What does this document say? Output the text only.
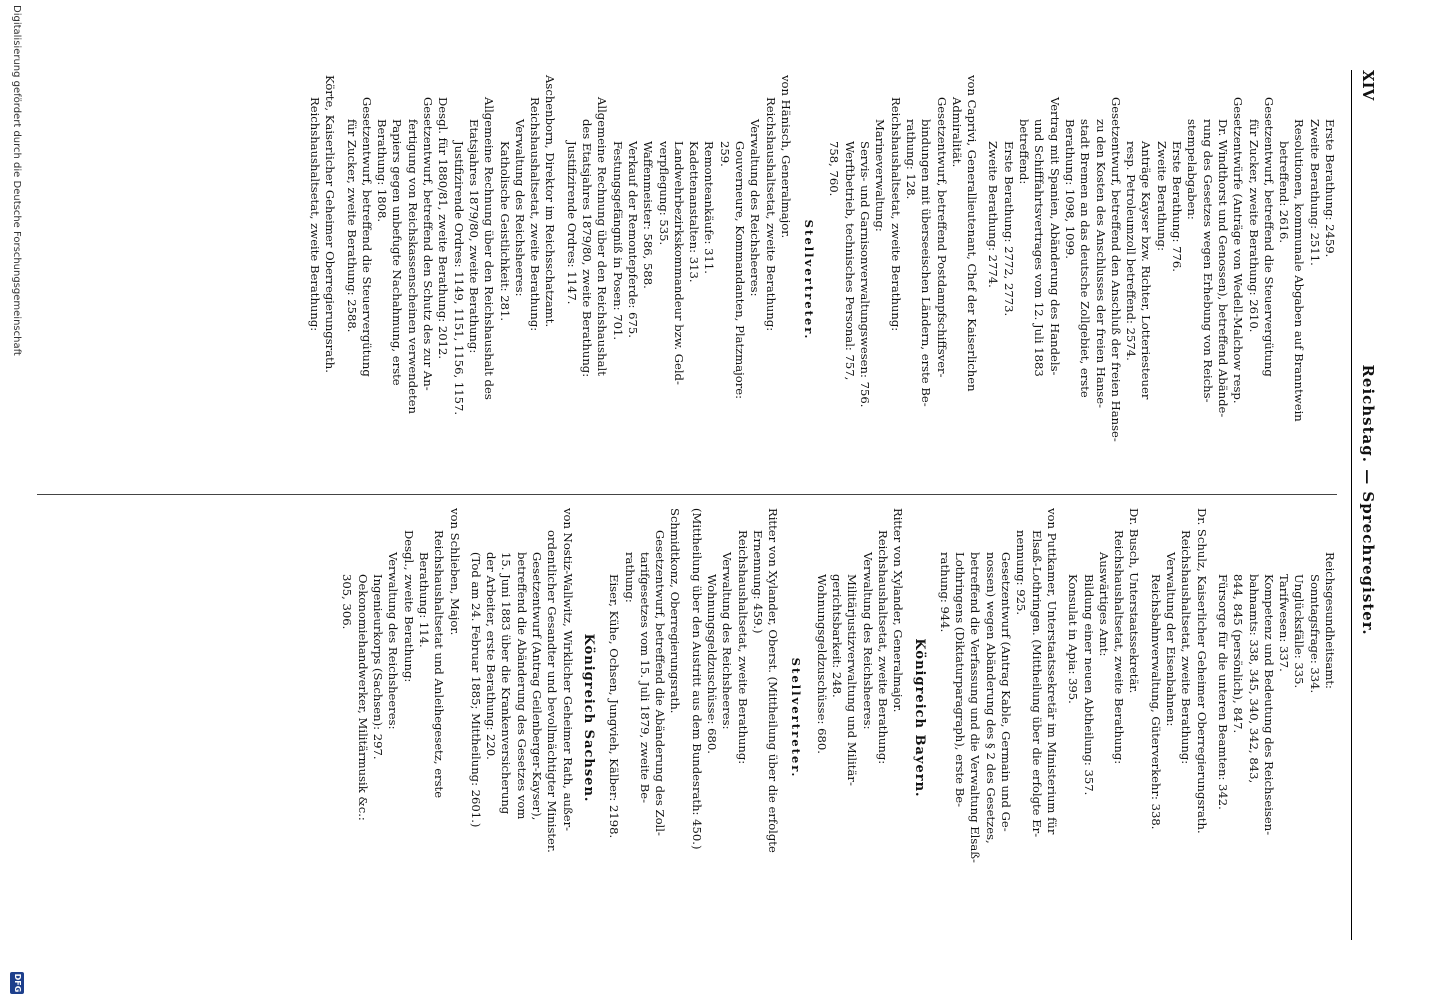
XIV
Reichstag. — Sprechregister.

Erste Berathung: 2459.

Zweite Berathung: 2511.

Resolutionen, kommunale Abgaben auf Branntwein

betreffend: 2616.

Gesetzentwurf, betreffend die Steuervergütung

für Zucker, zweite Berathung: 2610.

Gesetzentwürfe (Anträge von Wedell-Malchow resp.

Dr. Windthorst und Genossen), betreffend Abände-

rung des Gesetzes wegen Erhebung von Reichs-

stempelabgaben:

Erste Berathung: 776.

Zweite Berathung:

Anträge Kayser bzw. Richter, Lotteriesteuer

resp. Petroleumzoll betreffend: 2574.

Gesetzentwurf, betreffend den Anschluß der freien Hanse-

zu den Kosten des Anschlusses der freien Hanse-

stadt Bremen an das deutsche Zollgebiet, erste

Berathung: 1098, 1099.

Vertrag mit Spanien, Abänderung des Handels-

und Schifffahrtsvertrages vom 12. Juli 1883

betreffend:

Erste Berathung: 2772, 2773.

Zweite Berathung: 2774.

von Caprivi, Generallieutenant, Chef der Kaiserlichen

Admiralität.

Gesetzentwurf, betreffend Postdampfschiffsver-

bindungen mit überseeischen Ländern, erste Be-

rathung: 128.

Reichshaushaltsetat, zweite Berathung:

Marineverwaltung:

Servis- und Garnisonverwaltungswesen: 756.

Werftbetrieb, technisches Personal: 757,

758, 760.

Stellvertreter.

von Hänisch, Generalmajor.

Reichshaushaltsetat, zweite Berathung:

Verwaltung des Reichsheeres:

Gouverneure, Kommandanten, Platzmajore:

259.

Remonteankäufe: 311.

Kadettenanstalten: 313.

Landwehrbezirkskommandeur bzw. Geld-

verpflegung: 535.

Waffenmeister: 586, 588.

Verkauf der Remontepferde: 675.

Festungsgefängniß in Posen: 701.

Allgemeine Rechnung über den Reichshaushalt

des Etatsjahres 1879/80, zweite Berathung:

Justifizirende Ordres: 1147.

Aschenborn, Direktor im Reichsschatzamt.

Reichshaushaltsetat, zweite Berathung:

Verwaltung des Reichsheeres:

Katholische Geistlichkeit: 281.

Allgemeine Rechnung über den Reichshaushalt des

Etatsjahres 1879/80, zweite Berathung:

Justifizirende Ordres: 1149, 1151, 1156, 1157.

Desgl. für 1880/81, zweite Berathung: 2012.

Gesetzentwurf, betreffend den Schutz des zur An-

fertigung von Reichskassenscheinen verwendeten

Papiers gegen unbefugte Nachahmung, erste

Berathung: 1808.

Gesetzentwurf, betreffend die Steuervergütung

für Zucker, zweite Berathung: 2588.

Körte, Kaiserlicher Geheimer Oberregierungsrath.

Reichshaushaltsetat, zweite Berathung:

Reichsgesundheitsamt:

Sonntagsfrage: 334.

Unglücksfälle: 335.

Tarifwesen: 337.

Kompetenz und Bedeutung des Reichseisen-

bahnamts: 338, 345, 340, 342, 843,

844, 845 (persönlich), 847.

Fürsorge für die unteren Beamten: 342.

Dr. Schulz, Kaiserlicher Geheimer Oberregierungsrath.

Reichshaushaltsetat, zweite Berathung:

Verwaltung der Eisenbahnen:

Reichsbahnverwaltung, Güterverkehr: 338.

Dr. Busch, Unterstaatssekretär.

Reichshaushaltsetat, zweite Berathung:

Auswärtiges Amt:

Bildung einer neuen Abtheilung: 357.

Konsulat in Apia: 395.

von Puttkamer, Unterstaatssekretär im Ministerium für

Elsaß-Lothringen. (Mittheilung über die erfolgte Er-

nennung: 925.

Gesetzentwurf (Antrag Kable, Germain und Ge-

nossen) wegen Abänderung des § 2 des Gesetzes,

betreffend die Verfassung und die Verwaltung Elsaß-

Lothringens (Diktaturparagraph), erste Be-

rathung: 944.

Königreich Bayern.

Ritter von Xylander, Generalmajor.

Reichshaushaltsetat, zweite Berathung:

Verwaltung des Reichsheeres:

Militärjustizverwaltung und Militär-

gerichtsbarkeit: 248.

Wohnungsgeldzuschüsse: 680.

Stellvertreter.

Ritter von Xylander, Oberst. (Mittheilung über die erfolgte

Ernennung: 459.)

Reichshaushaltsetat, zweite Berathung:

Verwaltung des Reichsheeres:

Wohnungsgeldzuschüsse: 680.

(Mittheilung über den Austritt aus dem Bundesrath: 450.)

Schmidtkonz, Oberregierungsrath.

Gesetzentwurf, betreffend die Abänderung des Zoll-

tarifgesetzes vom 15. Juli 1879, zweite Be-

rathung:

Eiser, Kühe, Ochsen, Jungvieh, Kälber: 2198.

Königreich Sachsen.

von Nostiz-Wallwitz, Wirklicher Geheimer Rath, außer-

ordentlicher Gesandter und bevollmächtigter Minister.

Gesetzentwurf (Antrag Geilenberger-Kayser),

betreffend die Abänderung des Gesetzes vom

15. Juni 1883 über die Krankenversicherung

der Arbeiter, erste Berathung: 220.

(Tod am 24. Februar 1885; Mittheilung: 2601.)

von Schlieben, Major.

Reichshaushaltsetat und Anleihegesetz, erste

Berathung: 114.

Desgl., zweite Berathung:

Verwaltung des Reichsheeres:

Ingenieurkorps (Sachsen): 297.

Oekonomiehandwerker, Militärmusik &c.:

305, 306.

Digitalisierung gefördert durch die Deutsche Forschungsgemeinschaft
DFG
